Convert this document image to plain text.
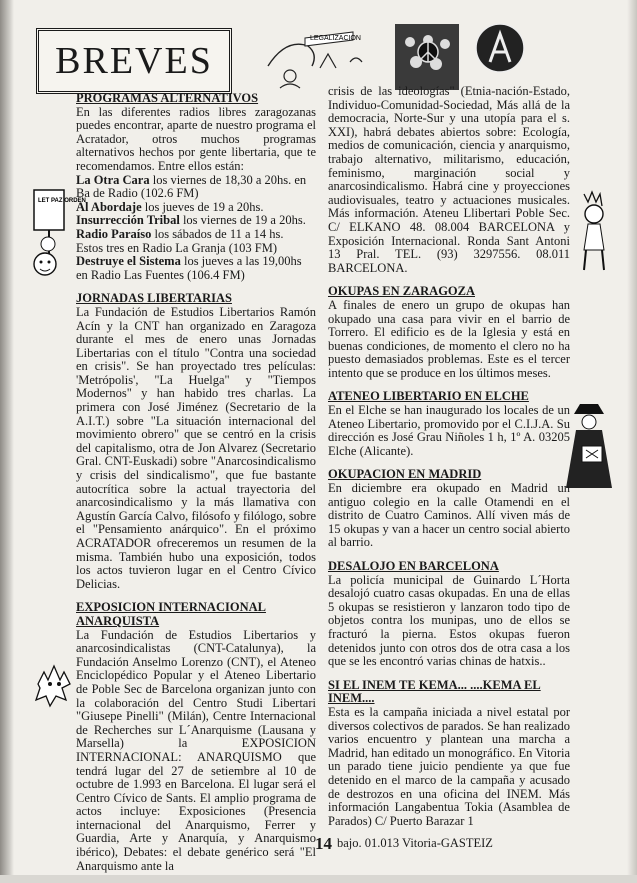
BREVES
LEGALIZACION
LET PAZ ORDEN
PROGRAMAS ALTERNATIVOS
En las diferentes radios libres zaragozanas puedes encontrar, aparte de nuestro programa el Acratador, otros muchos programas alternativos hechos por gente libertaria, que te recomendamos. Entre ellos están:
La Otra Cara los viernes de 18,30 a 20hs. en Ba de Radio (102.6 FM)
Al Abordaje los jueves de 19 a 20hs.
Insurrección Tribal los viernes de 19 a 20hs.
Radio Paraíso los sábados de 11 a 14 hs.
Estos tres en Radio La Granja (103 FM)
Destruye el Sistema los jueves a las 19,00hs en Radio Las Fuentes (106.4 FM)
JORNADAS LIBERTARIAS
La Fundación de Estudios Libertarios Ramón Acín y la CNT han organizado en Zaragoza durante el mes de enero unas Jornadas Libertarias con el título "Contra una sociedad en crisis". Se han proyectado tres películas: 'Metrópolis', "La Huelga" y "Tiempos Modernos" y han habido tres charlas. La primera con José Jiménez (Secretario de la A.I.T.) sobre "La situación internacional del movimiento obrero" que se centró en la crisis del capitalismo, otra de Jon Alvarez (Secretario Gral. CNT-Euskadi) sobre "Anarcosindicalismo y crisis del sindicalismo", que fue bastante autocrítica sobre la actual trayectoria del anarcosindicalismo y la más llamativa con Agustín García Calvo, filósofo y filólogo, sobre el "Pensamiento anárquico". En el próximo ACRATADOR ofreceremos un resumen de la misma. También hubo una exposición, todos los actos tuvieron lugar en el Centro Cívico Delicias.
EXPOSICION INTERNACIONAL ANARQUISTA
La Fundación de Estudios Libertarios y anarcosindicalistas (CNT-Catalunya), la Fundación Anselmo Lorenzo (CNT), el Ateneo Enciclopédico Popular y el Ateneo Libertario de Poble Sec de Barcelona organizan junto con la colaboración del Centro Studi Libertari "Giusepe Pinelli" (Milán), Centre Internacional de Recherches sur L´Anarquisme (Lausana y Marsella) la EXPOSICION INTERNACIONAL: ANARQUISMO que tendrá lugar del 27 de setiembre al 10 de octubre de 1.993 en Barcelona. El lugar será el Centro Cívico de Sants. El amplio programa de actos incluye: Exposiciones (Presencia internacional del Anarquismo, Ferrer y Guardia, Arte y Anarquía, y Anarquismo ibérico), Debates: el debate genérico será "El Anarquismo ante la
crisis de las ideologías" (Etnia-nación-Estado, Individuo-Comunidad-Sociedad, Más allá de la democracia, Norte-Sur y una utopía para el s. XXI), habrá debates abiertos sobre: Ecología, medios de comunicación, ciencia y anarquismo, trabajo alternativo, militarismo, educación, feminismo, marginación social y anarcosindicalismo. Habrá cine y proyecciones audiovisuales, teatro y actuaciones musicales. Más información. Ateneu Llibertari Poble Sec. C/ ELKANO 48. 08.004 BARCELONA y Exposición Internacional. Ronda Sant Antoni 13 Pral. TEL. (93) 3297556. 08.011 BARCELONA.
OKUPAS EN ZARAGOZA
A finales de enero un grupo de okupas han okupado una casa para vivir en el barrio de Torrero. El edificio es de la Iglesia y está en buenas condiciones, de momento el clero no ha puesto demasiados problemas. Este es el tercer intento que se produce en los últimos meses.
ATENEO LIBERTARIO EN ELCHE
En el Elche se han inaugurado los locales de un Ateneo Libertario, promovido por el C.I.J.A. Su dirección es José Grau Niñoles 1 h, 1º A. 03205 Elche (Alicante).
OKUPACION EN MADRID
En diciembre era okupado en Madrid un antiguo colegio en la calle Otamendi en el distrito de Cuatro Caminos. Allí viven más de 15 okupas y van a hacer un centro social abierto al barrio.
DESALOJO EN BARCELONA
La policía municipal de Guinardo L´Horta desalojó cuatro casas okupadas. En una de ellas 5 okupas se resistieron y lanzaron todo tipo de objetos contra los munipas, uno de ellos se fracturó la pierna. Estos okupas fueron detenidos junto con otros dos de otra casa a los que se les encontró varias chinas de hatxis..
SI EL INEM TE KEMA... ....KEMA EL INEM....
Esta es la campaña iniciada a nivel estatal por diversos colectivos de parados. Se han realizado varios encuentro y plantean una marcha a Madrid, han editado un monográfico. En Vitoria un parado tiene juicio pendiente ya que fue detenido en el marco de la campaña y acusado de destrozos en una oficina del INEM. Más información Langabentua Tokia (Asamblea de Parados) C/ Puerto Barazar 1
14 bajo. 01.013 Vitoria-GASTEIZ
